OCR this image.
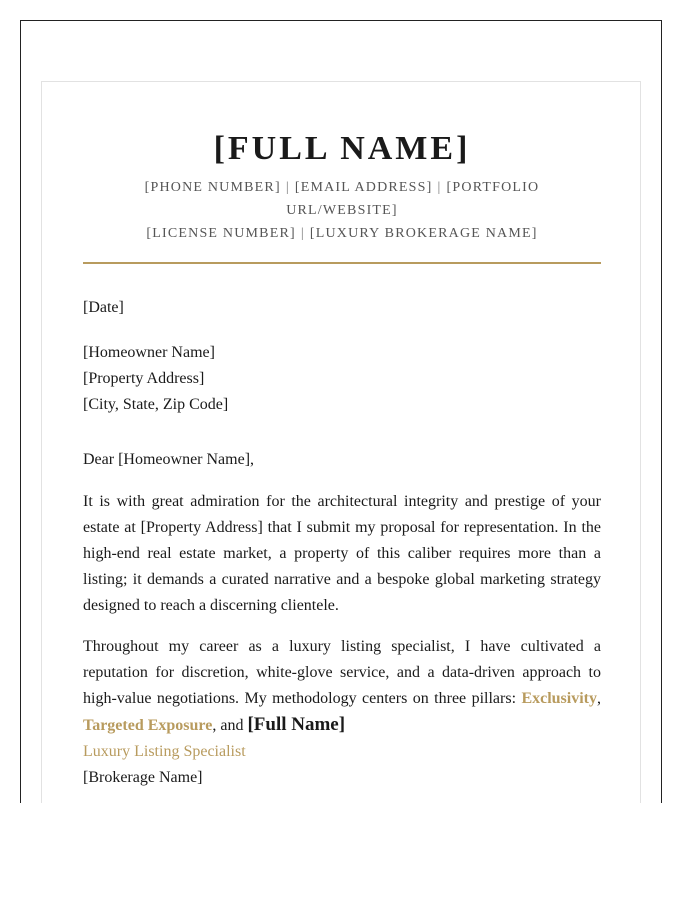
[FULL NAME]
[PHONE NUMBER] | [EMAIL ADDRESS] | [PORTFOLIO
URL/WEBSITE]
[LICENSE NUMBER] | [LUXURY BROKERAGE NAME]
[Date]
[Homeowner Name]
[Property Address]
[City, State, Zip Code]
Dear [Homeowner Name],
It is with great admiration for the architectural integrity and prestige of your estate at [Property Address] that I submit my proposal for representation. In the high-end real estate market, a property of this caliber requires more than a listing; it demands a curated narrative and a bespoke global marketing strategy designed to reach a discerning clientele.
Throughout my career as a luxury listing specialist, I have cultivated a reputation for discretion, white-glove service, and a data-driven approach to high-value negotiations. My methodology centers on three pillars: Exclusivity, Targeted Exposure, and [Full Name]
Luxury Listing Specialist
[Brokerage Name]
